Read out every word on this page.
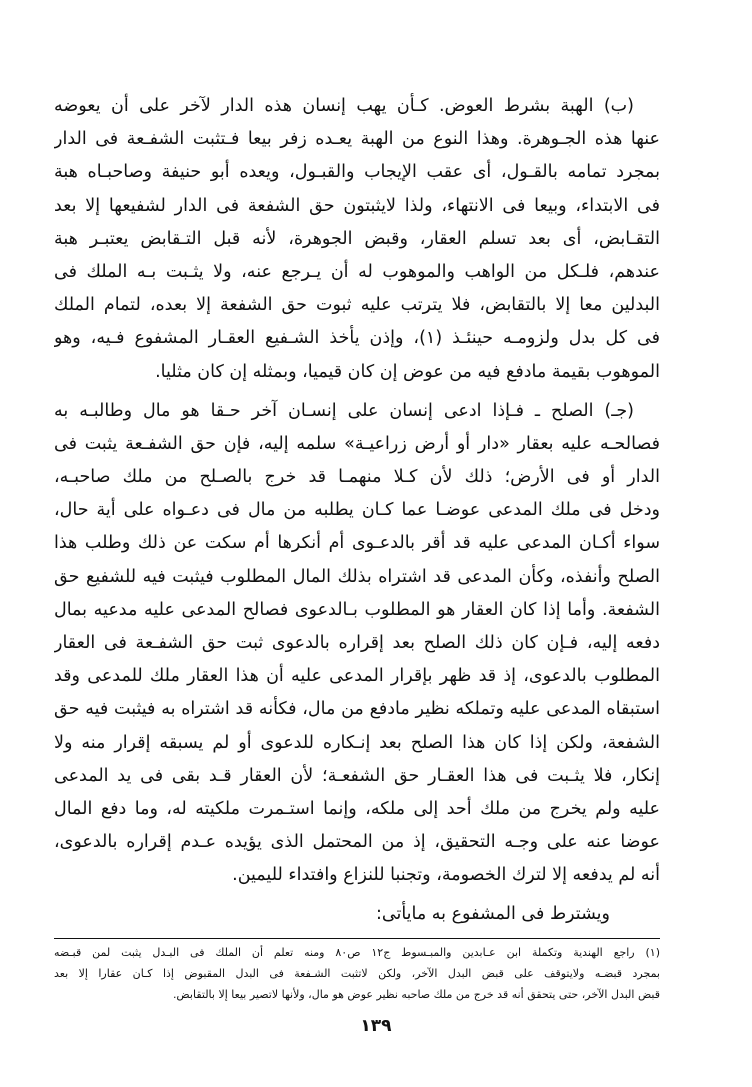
(ب) الهبة بشرط العوض. كـأن يهب إنسان هذه الدار لآخر على أن يعوضه
عنها هذه الجـوهرة. وهذا النوع من الهبة يعـده زفر بيعا فـتثبت الشفـعة فى الدار
بمجرد تمامه بالقـول، أى عقب الإيجاب والقبـول، ويعده أبو حنيفة وصاحبـاه هبة
فى الابتداء، وبيعا فى الانتهاء، ولذا لايثبتون حق الشفعة فى الدار لشفيعها إلا بعد
التقـابض، أى بعد تسلم العقار، وقبض الجوهرة، لأنه قبل التـقابض يعتبـر هبة
عندهم، فلـكل من الواهب والموهوب له أن يـرجع عنه، ولا يثـبت بـه الملك فى
البدلين معا إلا بالتقابض، فلا يترتب عليه ثبوت حق الشفعة إلا بعده، لتمام الملك
فى كل بدل ولزومـه حينئـذ (١)، وإذن يأخذ الشـفيع العقـار المشفوع فـيه، وهو
الموهوب بقيمة مادفع فيه من عوض إن كان قيميا، وبمثله إن كان مثليا.
(جـ) الصلح ـ فـإذا ادعى إنسان على إنسـان آخر حـقا هو مال وطالبـه به
فصالحـه عليه بعقار «دار أو أرض زراعيـة» سلمه إليه، فإن حق الشفـعة يثبت فى
الدار أو فى الأرض؛ ذلك لأن كـلا منهمـا قد خرج بالصـلح من ملك صاحبـه،
ودخل فى ملك المدعى عوضـا عما كـان يطلبه من مال فى دعـواه على أية حال،
سواء أكـان المدعى عليه قد أقر بالدعـوى أم أنكرها أم سكت عن ذلك وطلب هذا
الصلح وأنفذه، وكأن المدعى قد اشتراه بذلك المال المطلوب فيثبت فيه للشفيع حق
الشفعة. وأما إذا كان العقار هو المطلوب بـالدعوى فصالح المدعى عليه مدعيه بمال
دفعه إليه، فـإن كان ذلك الصلح بعد إقراره بالدعوى ثبت حق الشفـعة فى العقار
المطلوب بالدعوى، إذ قد ظهر بإقرار المدعى عليه أن هذا العقار ملك للمدعى وقد
استبقاه المدعى عليه وتملكه نظير مادفع من مال، فكأنه قد اشتراه به فيثبت فيه حق
الشفعة، ولكن إذا كان هذا الصلح بعد إنـكاره للدعوى أو لم يسبقه إقرار منه ولا
إنكار، فلا يثـبت فى هذا العقـار حق الشفعـة؛ لأن العقار قـد بقى فى يد المدعى
عليه ولم يخرج من ملك أحد إلى ملكه، وإنما استـمرت ملكيته له، وما دفع المال
عوضا عنه على وجـه التحقيق، إذ من المحتمل الذى يؤيده عـدم إقراره بالدعوى،
أنه لم يدفعه إلا لترك الخصومة، وتجنبا للنزاع وافتداء لليمين.
ويشترط فى المشفوع به مايأتى:
(١) راجع الهندية وتكملة ابن عـابدين والمبـسوط ج١٢ ص٨٠ ومنه تعلم أن الملك فى البـدل يثبت لمن قبـضه
بمجرد قبضـه ولايتوقف على قبض البدل الآخر، ولكن لاتثبت الشـفعة فى البدل المقبوض إذا كـان عقارا إلا بعد
قبض البدل الآخر، حتى يتحقق أنه قد خرج من ملك صاحبه نظير عوض هو مال، ولأنها لاتصير بيعا إلا بالتقابض.
١٣٩
